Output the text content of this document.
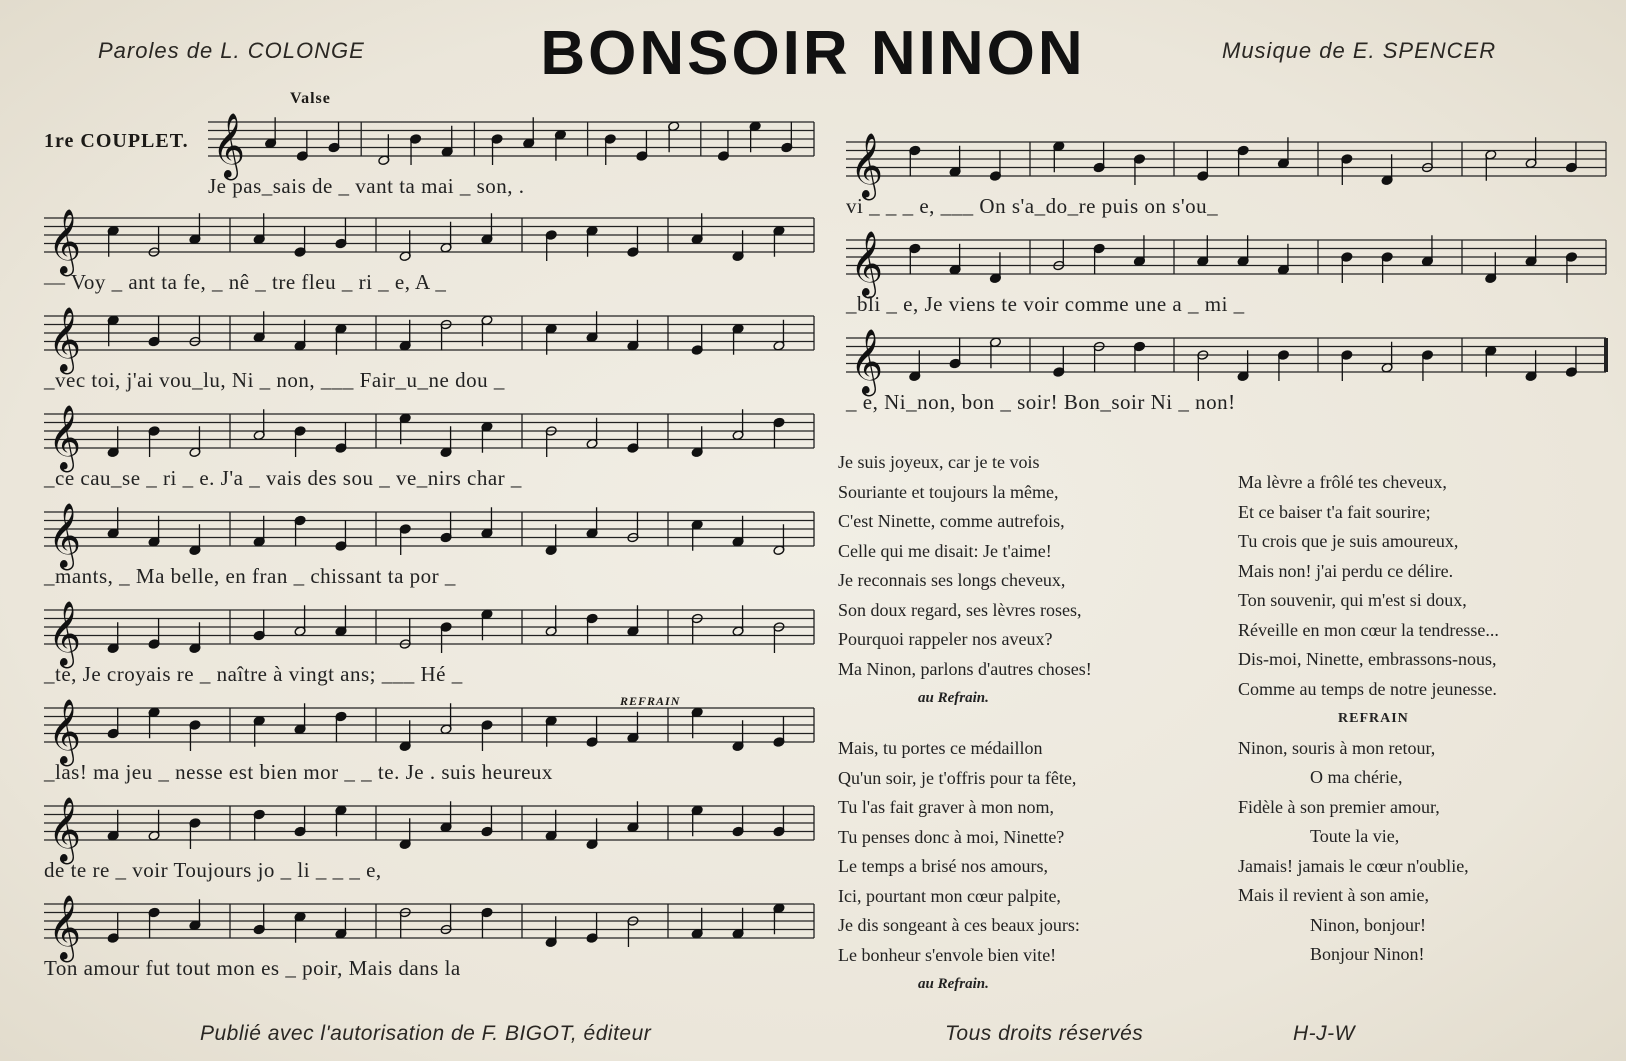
Paroles de L. COLONGE	BONSOIR NINON	Musique de E. SPENCER
Valse
1re COUPLET.
REFRAIN
𝄞
Je pas_sais de _ vant ta mai _ son, .
𝄞
— Voy _ ant ta fe, _ nê _ tre fleu _ ri _ e, A _
𝄞
_vec toi, j'ai vou_lu, Ni _ non, ___ Fair_u_ne dou _
𝄞
_ce cau_se _ ri _ e. J'a _ vais des sou _ ve_nirs char _
𝄞
_mants, _ Ma belle, en fran _ chissant ta por _
𝄞
_te, Je croyais re _ naître à vingt ans; ___ Hé _
𝄞
_las! ma jeu _ nesse est bien mor _ _ te. Je . suis heureux
𝄞
de te re _ voir Toujours jo _ li _ _ _ e,
𝄞
Ton amour fut tout mon es _ poir, Mais dans la
𝄞
vi _ _ _ e, ___ On s'a_do_re puis on s'ou_
𝄞
_bli _ e, Je viens te voir comme une a _ mi _
𝄞
_ e, Ni_non, bon _ soir! Bon_soir Ni _ non!
Je suis joyeux, car je te vois
Souriante et toujours la même,
C'est Ninette, comme autrefois,
Celle qui me disait: Je t'aime!
Je reconnais ses longs cheveux,
Son doux regard, ses lèvres roses,
Pourquoi rappeler nos aveux?
Ma Ninon, parlons d'autres choses!
au Refrain.
Mais, tu portes ce médaillon
Qu'un soir, je t'offris pour ta fête,
Tu l'as fait graver à mon nom,
Tu penses donc à moi, Ninette?
Le temps a brisé nos amours,
Ici, pourtant mon cœur palpite,
Je dis songeant à ces beaux jours:
Le bonheur s'envole bien vite!
au Refrain.
Ma lèvre a frôlé tes cheveux,
Et ce baiser t'a fait sourire;
Tu crois que je suis amoureux,
Mais non! j'ai perdu ce délire.
Ton souvenir, qui m'est si doux,
Réveille en mon cœur la tendresse...
Dis-moi, Ninette, embrassons-nous,
Comme au temps de notre jeunesse.
REFRAIN
Ninon, souris à mon retour,
O ma chérie,
Fidèle à son premier amour,
Toute la vie,
Jamais! jamais le cœur n'oublie,
Mais il revient à son amie,
Ninon, bonjour!
Bonjour Ninon!
Publié avec l'autorisation de F. BIGOT, éditeur	Tous droits réservés	H-J-W
